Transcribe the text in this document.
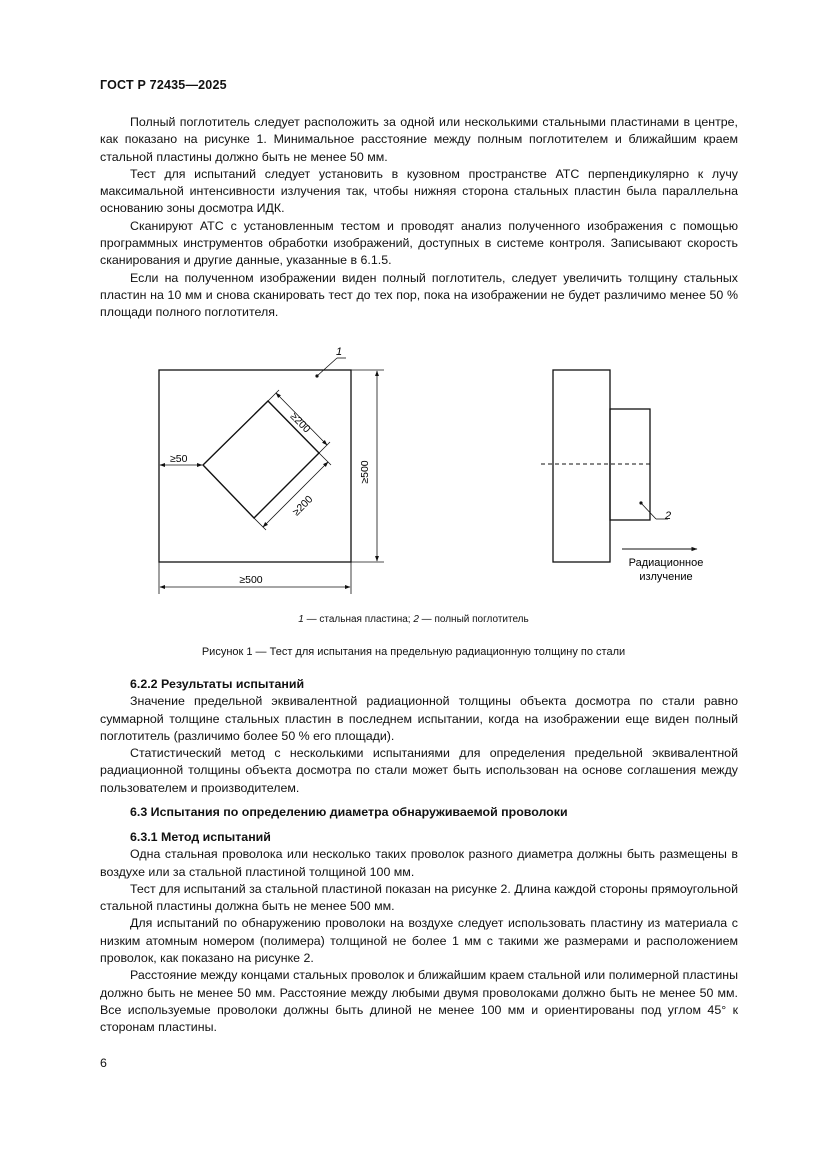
ГОСТ Р 72435—2025

Полный поглотитель следует расположить за одной или несколькими стальными пластинами в центре, как показано на рисунке 1. Минимальное расстояние между полным поглотителем и ближайшим краем стальной пластины должно быть не менее 50 мм.

Тест для испытаний следует установить в кузовном пространстве АТС перпендикулярно к лучу максимальной интенсивности излучения так, чтобы нижняя сторона стальных пластин была параллельна основанию зоны досмотра ИДК.

Сканируют АТС с установленным тестом и проводят анализ полученного изображения с помощью программных инструментов обработки изображений, доступных в системе контроля. Записывают скорость сканирования и другие данные, указанные в 6.1.5.

Если на полученном изображении виден полный поглотитель, следует увеличить толщину стальных пластин на 10 мм и снова сканировать тест до тех пор, пока на изображении не будет различимо менее 50 % площади полного поглотителя.

≥200
≥200
≥50
≥500
≥500
1
2
Радиационное
излучение
1 — стальная пластина; 2 — полный поглотитель
Рисунок 1 — Тест для испытания на предельную радиационную толщину по стали
6.2.2 Результаты испытаний

Значение предельной эквивалентной радиационной толщины объекта досмотра по стали равно суммарной толщине стальных пластин в последнем испытании, когда на изображении еще виден полный поглотитель (различимо более 50 % его площади).

Статистический метод с несколькими испытаниями для определения предельной эквивалентной радиационной толщины объекта досмотра по стали может быть использован на основе соглашения между пользователем и производителем.

6.3 Испытания по определению диаметра обнаруживаемой проволоки
6.3.1 Метод испытаний

Одна стальная проволока или несколько таких проволок разного диаметра должны быть размещены в воздухе или за стальной пластиной толщиной 100 мм.

Тест для испытаний за стальной пластиной показан на рисунке 2. Длина каждой стороны прямоугольной стальной пластины должна быть не менее 500 мм.

Для испытаний по обнаружению проволоки на воздухе следует использовать пластину из материала с низким атомным номером (полимера) толщиной не более 1 мм с такими же размерами и расположением проволок, как показано на рисунке 2.

Расстояние между концами стальных проволок и ближайшим краем стальной или полимерной пластины должно быть не менее 50 мм. Расстояние между любыми двумя проволоками должно быть не менее 50 мм. Все используемые проволоки должны быть длиной не менее 100 мм и ориентированы под углом 45° к сторонам пластины.

6
